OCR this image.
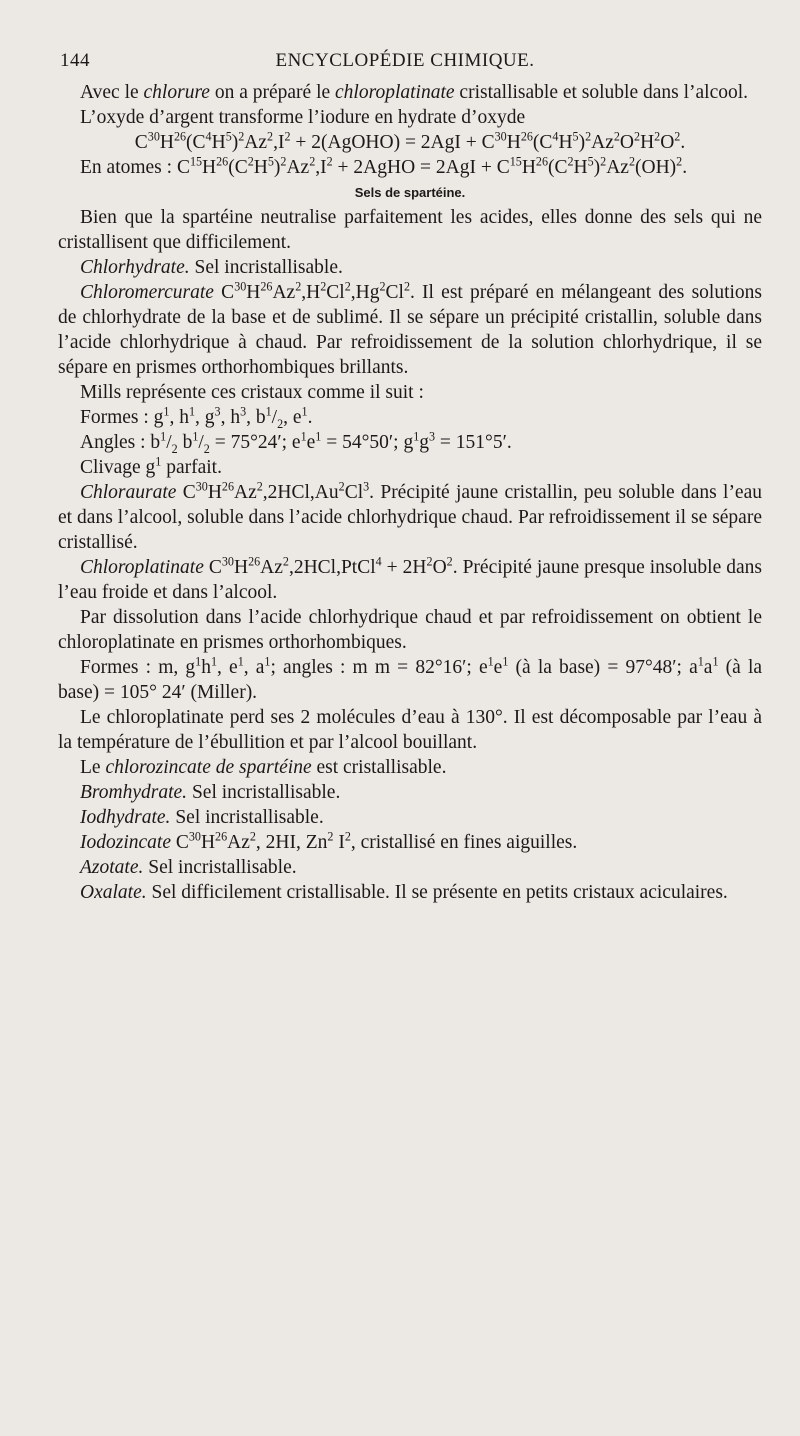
144	ENCYCLOPÉDIE CHIMIQUE.

Avec le chlorure on a préparé le chloroplatinate cristallisable et soluble dans l’alcool.

L’oxyde d’argent transforme l’iodure en hydrate d’oxyde

$C^{30}H^{26}(C^4H^5)^2Az^2,I^2$ + 2(AgOHO) = $2AgI + C^{30}H^{26}(C^4H^5)^2Az^2O^2H^2O^2$.

En atomes : $C^{15}H^{26}(C^2H^5)^2Az^2,I^2$ + 2AgHO = $2AgI + C^{15}H^{26}(C^2H^5)^2Az^2(OH)^2$.

Sels de spartéine.

Bien que la spartéine neutralise parfaitement les acides, elles donne des sels qui ne cristallisent que difficilement.

Chlorhydrate. Sel incristallisable.

Chloromercurate $C^{30}H^{26}Az^2,H^2Cl^2,Hg^2Cl^2$. Il est préparé en mélangeant des solutions de chlorhydrate de la base et de sublimé. Il se sépare un précipité cristallin, soluble dans l’acide chlorhydrique à chaud. Par refroidissement de la solution chlorhydrique, il se sépare en prismes orthorhombiques brillants.

Mills représente ces cristaux comme il suit :

Formes : $g^1$, $h^1$, $g^3$, $h^3$, $b^1/_2$, $e^1$.

Angles : $b^1/_2$ $b^1/_2 = 75^\circ 24'$; $e^1e^1 = 54^\circ 50'$; $g^1g^3 = 151^\circ 5'$.

Clivage $g^1$ parfait.

Chloraurate $C^{30}H^{26}Az^2,2HCl,Au^2Cl^3$. Précipité jaune cristallin, peu soluble dans l’eau et dans l’alcool, soluble dans l’acide chlorhydrique chaud. Par refroidissement il se sépare cristallisé.

Chloroplatinate $C^{30}H^{26}Az^2,2HCl,PtCl^4 + 2H^2O^2$. Précipité jaune presque insoluble dans l’eau froide et dans l’alcool.

Par dissolution dans l’acide chlorhydrique chaud et par refroidissement on obtient le chloroplatinate en prismes orthorhombiques.

Formes : m, $g^1h^1$, $e^1$, $a^1$; angles : m m = 82°16′; $e^1e^1$ (à la base) = 97°48′; $a^1a^1$ (à la base) = 105° 24′ (Miller).

Le chloroplatinate perd ses 2 molécules d’eau à 130°. Il est décomposable par l’eau à la température de l’ébullition et par l’alcool bouillant.

Le chlorozincate de spartéine est cristallisable.

Bromhydrate. Sel incristallisable.

Iodhydrate. Sel incristallisable.

Iodozincate $C^{30}H^{26}Az^2$, 2HI, Zn$^2$ $I^2$, cristallisé en fines aiguilles.

Azotate. Sel incristallisable.

Oxalate. Sel difficilement cristallisable. Il se présente en petits cristaux aciculaires.
